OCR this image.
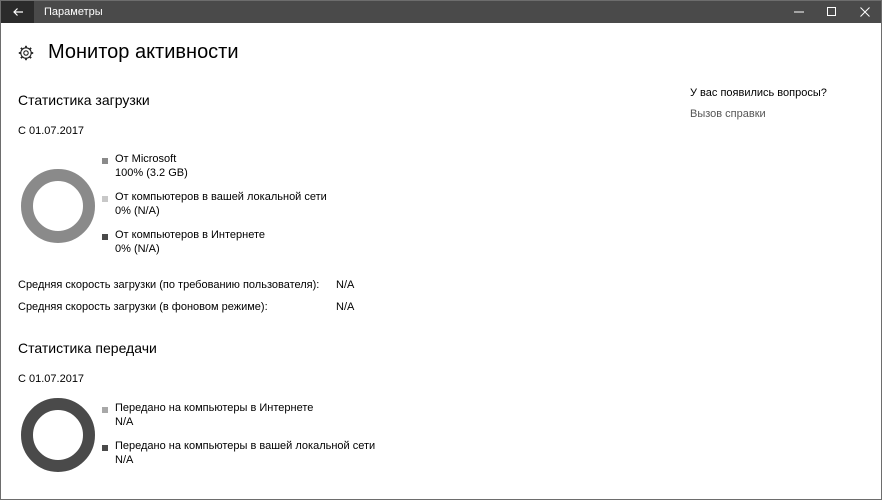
Параметры
Монитор активности
Статистика загрузки
С 01.07.2017
От Microsoft
100% (3.2 GB)
От компьютеров в вашей локальной сети
0% (N/A)
От компьютеров в Интернете
0% (N/A)
Средняя скорость загрузки (по требованию пользователя): N/A
Средняя скорость загрузки (в фоновом режиме):	N/A
Статистика передачи
С 01.07.2017
Передано на компьютеры в Интернете
N/A
Передано на компьютеры в вашей локальной сети
N/A
У вас появились вопросы?
Вызов справки
